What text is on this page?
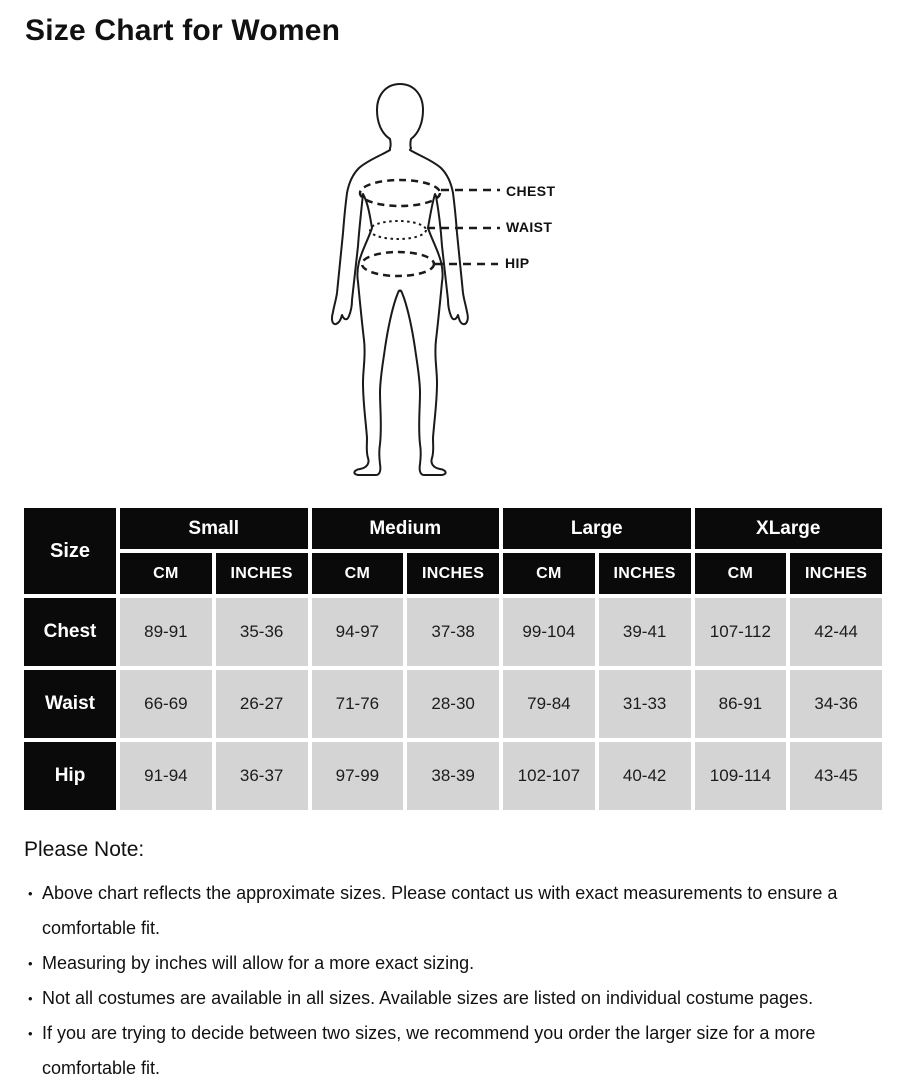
Size Chart for Women
CHEST
WAIST
HIP
Size	Small		Medium		Large		XLarge	
	CM	INCHES	CM	INCHES	CM	INCHES	CM	INCHES
Chest	89-91	35-36	94-97	37-38	99-104	39-41	107-112	42-44
Waist	66-69	26-27	71-76	28-30	79-84	31-33	86-91	34-36
Hip	91-94	36-37	97-99	38-39	102-107	40-42	109-114	43-45
Please Note:
• Above chart reflects the approximate sizes. Please contact us with exact measurements to ensure a comfortable fit.
• Measuring by inches will allow for a more exact sizing.
• Not all costumes are available in all sizes. Available sizes are listed on individual costume pages.
• If you are trying to decide between two sizes, we recommend you order the larger size for a more comfortable fit.
